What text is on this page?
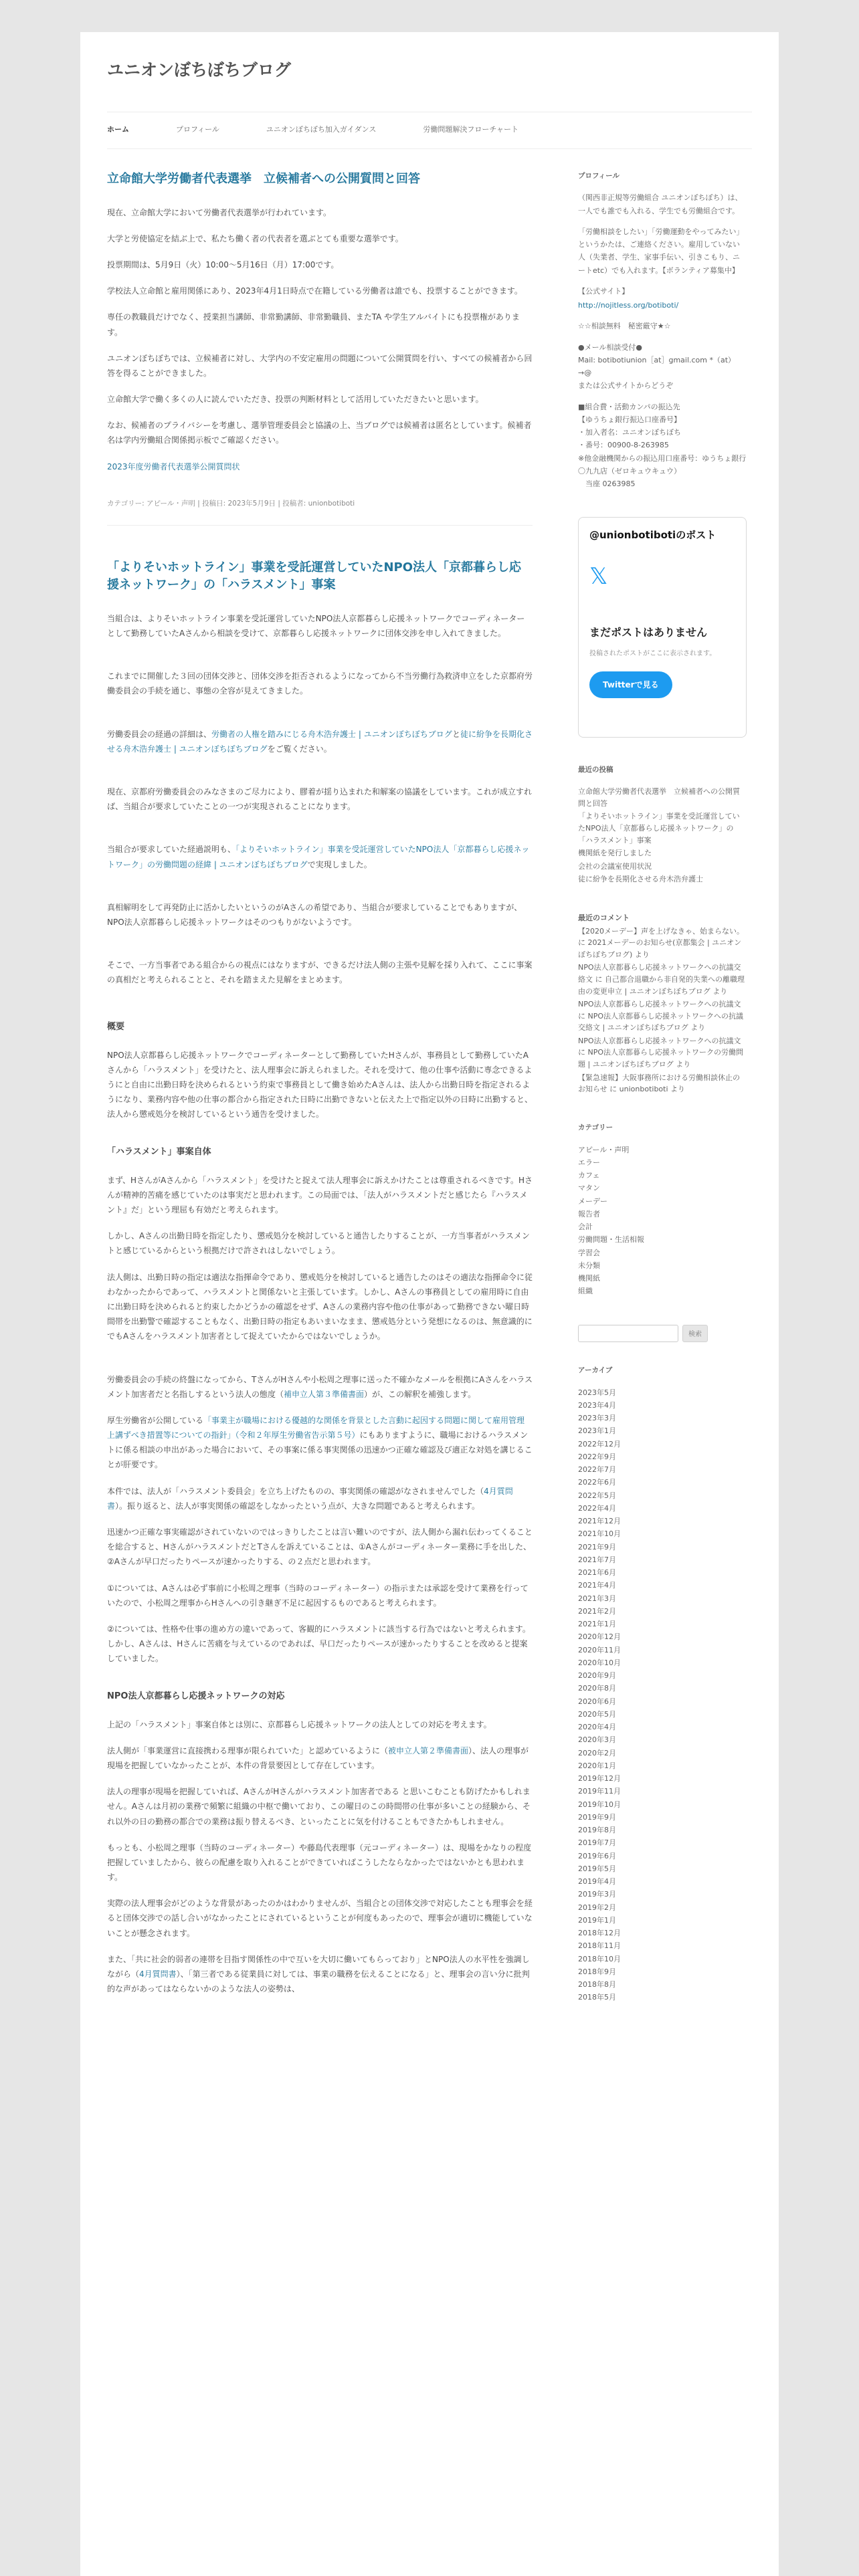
ユニオンぼちぼちブログ
ホーム	プロフィール	ユニオンぼちぼち加入ガイダンス	労働問題解決フローチャート
立命館大学労働者代表選挙　立候補者への公開質問と回答

現在、立命館大学において労働者代表選挙が行われています。

大学と労使協定を結ぶ上で、私たち働く者の代表者を選ぶとても重要な選挙です。

投票期間は、5月9日（火）10:00〜5月16日（月）17:00です。

学校法人立命館と雇用関係にあり、2023年4月1日時点で在籍している労働者は誰でも、投票することができます。

専任の教職員だけでなく、授業担当講師、非常勤講師、非常勤職員、またTA や学生アルバイトにも投票権があります。

ユニオンぼちぼちでは、立候補者に対し、大学内の不安定雇用の問題について公開質問を行い、すべての候補者から回答を得ることができました。

立命館大学で働く多くの人に読んでいただき、投票の判断材料として活用していただきたいと思います。

なお、候補者のプライバシーを考慮し、選挙管理委員会と協議の上、当ブログでは候補者は匿名としています。候補者名は学内労働組合関係掲示板でご確認ください。

2023年度労働者代表選挙公開質問状

カテゴリー: アピール・声明 | 投稿日: 2023年5月9日 | 投稿者: unionbotiboti
「よりそいホットライン」事業を受託運営していたNPO法人「京都暮らし応援ネットワーク」の「ハラスメント」事案

当組合は、よりそいホットライン事業を受託運営していたNPO法人京都暮らし応援ネットワークでコーディネーターとして勤務していたAさんから相談を受けて、京都暮らし応援ネットワークに団体交渉を申し入れてきました。

これまでに開催した３回の団体交渉と、団体交渉を拒否されるようになってから不当労働行為救済申立をした京都府労働委員会の手続を通じ、事態の全容が見えてきました。

労働委員会の経過の詳細は、労働者の人権を踏みにじる舟木浩弁護士 | ユニオンぼちぼちブログと徒に紛争を長期化させる舟木浩弁護士 | ユニオンぼちぼちブログをご覧ください。

現在、京都府労働委員会のみなさまのご尽力により、膠着が揺り込まれた和解案の協議をしています。これが成立すれば、当組合が要求していたことの一つが実現されることになります。

当組合が要求していた経過説明も、「よりそいホットライン」事業を受託運営していたNPO法人「京都暮らし応援ネットワーク」の労働問題の経緯 | ユニオンぼちぼちブログで実現しました。

真相解明をして再発防止に活かしたいというのがAさんの希望であり、当組合が要求していることでもありますが、NPO法人京都暮らし応援ネットワークはそのつもりがないようです。

そこで、一方当事者である組合からの視点にはなりますが、できるだけ法人側の主張や見解を採り入れて、ここに事案の真相だと考えられることと、それを踏まえた見解をまとめます。

概要

NPO法人京都暮らし応援ネットワークでコーディネーターとして勤務していたHさんが、事務員として勤務していたAさんから「ハラスメント」を受けたと、法人理事会に訴えられました。それを受けて、他の仕事や活動に専念できるようにと自由に出勤日時を決められるという約束で事務員として働き始めたAさんは、法人から出勤日時を指定されるようになり、業務内容や他の仕事の都合から指定された日時に出勤できないと伝えた上で指定以外の日時に出勤すると、法人から懲戒処分を検討しているという通告を受けました。

「ハラスメント」事案自体

まず、HさんがAさんから「ハラスメント」を受けたと捉えて法人理事会に訴えかけたことは尊重されるべきです。Hさんが精神的苦痛を感じていたのは事実だと思われます。この局面では、「法人がハラスメントだと感じたら『ハラスメント』だ」という理屈も有効だと考えられます。

しかし、Aさんの出勤日時を指定したり、懲戒処分を検討していると通告したりすることが、一方当事者がハラスメントと感じているからという根拠だけで許されはしないでしょう。

法人側は、出勤日時の指定は適法な指揮命令であり、懲戒処分を検討していると通告したのはその適法な指揮命令に従わなかったからであって、ハラスメントと関係ないと主張しています。しかし、Aさんの事務員としての雇用時に自由に出勤日時を決められると約束したかどうかの確認をせず、Aさんの業務内容や他の仕事があって勤務できない曜日時間帯を出勤警で確認することもなく、出勤日時の指定もあいまいなまま、懲戒処分という発想になるのは、無意識的にでもAさんをハラスメント加害者として捉えていたからではないでしょうか。

労働委員会の手続の終盤になってから、TさんがHさんや小松周之理事に送った不確かなメールを根拠にAさんをハラスメント加害者だと名指しするという法人の態度（補申立人第３準備書面）が、この解釈を補強します。

厚生労働省が公開している「事業主が職場における優越的な関係を背景とした言動に起因する問題に関して雇用管理上講ずべき措置等についての指針」（令和２年厚生労働省告示第５号）にもありますように、職場におけるハラスメントに係る相談の申出があった場合において、その事案に係る事実関係の迅速かつ正確な確認及び適正な対処を講じることが肝要です。

本件では、法人が「ハラスメント委員会」を立ち上げたものの、事実関係の確認がなされませんでした（4月質問書）。振り返ると、法人が事実関係の確認をしなかったという点が、大きな問題であると考えられます。

迅速かつ正確な事実確認がされていないのではっきりしたことは言い難いのですが、法人側から漏れ伝わってくることを総合すると、HさんがハラスメントだとTさんを訴えていることは、①Aさんがコーディネーター業務に手を出した、②Aさんが早口だったりペースが速かったりする、の２点だと思われます。

①については、Aさんは必ず事前に小松周之理事（当時のコーディネーター）の指示または承認を受けて業務を行っていたので、小松周之理事からHさんへの引き継ぎ不足に起因するものであると考えられます。

②については、性格や仕事の進め方の違いであって、客観的にハラスメントに該当する行為ではないと考えられます。しかし、Aさんは、Hさんに苦痛を与えているのであれば、早口だったりペースが速かったりすることを改めると提案していました。

NPO法人京都暮らし応援ネットワークの対応

上記の「ハラスメント」事案自体とは別に、京都暮らし応援ネットワークの法人としての対応を考えます。

法人側が「事業運営に直接携わる理事が限られていた」と認めているように（被申立人第２準備書面）、法人の理事が現場を把握していなかったことが、本件の背景要因として存在しています。

法人の理事が現場を把握していれば、AさんがHさんがハラスメント加害者である と思いこむことも防げたかもしれません。Aさんは月初の業務で頻繁に組織の中枢で働いており、この曜日のこの時間帯の仕事が多いことの経験から、それ以外の日の勤務の都合での業務は振り替えるべき、といったことに気を付けることもできたかもしれません。

もっとも、小松周之理事（当時のコーディネーター）や藤島代表理事（元コーディネーター）は、現場をかなりの程度把握していましたから、彼らの配慮を取り入れることができていればこうしたならなかったではないかとも思われます。

実際の法人理事会がどのような背景があったのかはわかりませんが、当組合との団体交渉で対応したことも理事会を経ると団体交渉での話し合いがなかったことにされているということが何度もあったので、理事会が適切に機能していないことが懸念されます。

また、「共に社会的弱者の連帯を目指す関係性の中で互いを大切に働いてもらっており」とNPO法人の水平性を強調しながら（4月質問書）、「第三者である従業員に対しては、事業の職務を伝えることになる」と、理事会の言い分に批判的な声があってはならないかのような法人の姿勢は、

プロフィール

（関西非正規等労働組合 ユニオンぼちぼち）は、一人でも誰でも入れる、学生でも労働組合です。

「労働相談をしたい」「労働運動をやってみたい」というかたは、ご連絡ください。雇用していない人（失業者、学生、家事手伝い、引きこもり、ニートetc）でも入れます。【ボランティア募集中】

【公式サイト】

http://nojitless.org/botiboti/

☆☆相談無料　秘密厳守★☆

●メール相談受付●
Mail: botibotiunion［at］gmail.com *（at）→@
または公式サイトからどうぞ

■組合費・活動カンパの振込先
【ゆうちょ銀行振込口座番号】
・加入者名：ユニオンぼちぼち
・番号：00900-8-263985
※他金融機関からの振込用口座番号：ゆうちょ銀行 〇九九店（ゼロキュウキュウ）
　当座 0263985

@unionbotibotiのポスト
𝕏
まだポストはありません
投稿されたポストがここに表示されます。
Twitterで見る
最近の投稿
立命館大学労働者代表選挙　立候補者への公開質問と回答
「よりそいホットライン」事業を受託運営していたNPO法人「京都暮らし応援ネットワーク」の「ハラスメント」事案
機関紙を発行しました
会社の会議室使用状況
徒に紛争を長期化させる舟木浩弁護士
最近のコメント
【2020メーデー】声を上げなきゃ、始まらない。 に 2021メーデーのお知らせ(京都集会 | ユニオンぼちぼちブログ) より
NPO法人京都暮らし応援ネットワークへの抗議交絡文 に 自己都合退職から非自発的失業への離職理由の変更申立 | ユニオンぼちぼちブログ より
NPO法人京都暮らし応援ネットワークへの抗議文 に NPO法人京都暮らし応援ネットワークへの抗議交絡文 | ユニオンぼちぼちブログ より
NPO法人京都暮らし応援ネットワークへの抗議文 に NPO法人京都暮らし応援ネットワークの労働問題 | ユニオンぼちぼちブログ より
【緊急速報】大阪事務所における労働相談休止のお知らせ に unionbotiboti より
カテゴリー
アピール・声明
エラー
カフェ
マタン
メーデー
報告者
会計
労働問題・生活相報
学習会
未分類
機関紙
組織
検索
アーカイブ
2023年5月
2023年4月
2023年3月
2023年1月
2022年12月
2022年9月
2022年7月
2022年6月
2022年5月
2022年4月
2021年12月
2021年10月
2021年9月
2021年7月
2021年6月
2021年4月
2021年3月
2021年2月
2021年1月
2020年12月
2020年11月
2020年10月
2020年9月
2020年8月
2020年6月
2020年5月
2020年4月
2020年3月
2020年2月
2020年1月
2019年12月
2019年11月
2019年10月
2019年9月
2019年8月
2019年7月
2019年6月
2019年5月
2019年4月
2019年3月
2019年2月
2019年1月
2018年12月
2018年11月
2018年10月
2018年9月
2018年8月
2018年5月
